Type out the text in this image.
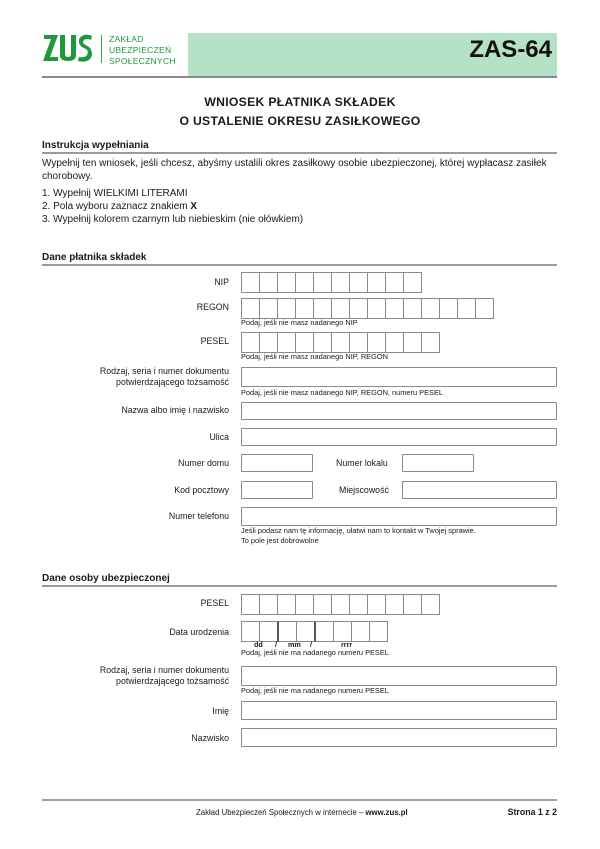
ZAKŁAD
UBEZPIECZEŃ
SPOŁECZNYCH	ZAS-64
WNIOSEK PŁATNIKA SKŁADEK
O USTALENIE OKRESU ZASIŁKOWEGO
Instrukcja wypełniania
Wypełnij ten wniosek, jeśli chcesz, abyśmy ustalili okres zasiłkowy osobie ubezpieczonej, której wypłacasz zasiłek chorobowy.
1. Wypełnij WIELKIMI LITERAMI
2. Pola wyboru zaznacz znakiem X
3. Wypełnij kolorem czarnym lub niebieskim (nie ołówkiem)
Dane płatnika składek
NIP
REGON
Podaj, jeśli nie masz nadanego NIP
PESEL
Podaj, jeśli nie masz nadanego NIP, REGON
Rodzaj, seria i numer dokumentu
potwierdzającego tożsamość
Podaj, jeśli nie masz nadanego NIP, REGON, numeru PESEL
Nazwa albo imię i nazwisko
Ulica
Numer domu	Numer lokalu
Kod pocztowy	Miejscowość
Numer telefonu
Jeśli podasz nam tę informację, ułatwi nam to kontakt w Twojej sprawie.
To pole jest dobrowolne
Dane osoby ubezpieczonej
PESEL
Data urodzenia
dd / mm /	rrrr
Podaj, jeśli nie ma nadanego numeru PESEL
Rodzaj, seria i numer dokumentu
potwierdzającego tożsamość
Podaj, jeśli nie ma nadanego numeru PESEL
Imię
Nazwisko
Zakład Ubezpieczeń Społecznych w internecie – www.zus.pl	Strona 1 z 2
